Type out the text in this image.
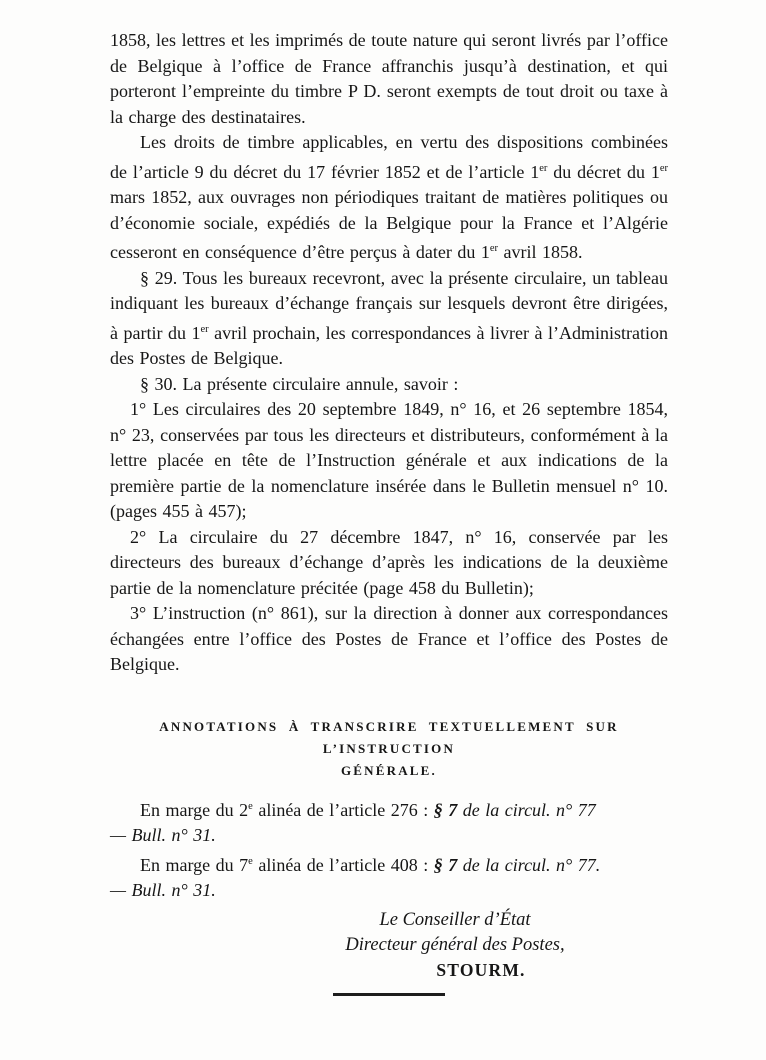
1858, les lettres et les imprimés de toute nature qui seront livrés par l’office de Belgique à l’office de France affranchis jusqu’à destination, et qui porteront l’empreinte du timbre P D. seront exempts de tout droit ou taxe à la charge des destinataires.

Les droits de timbre applicables, en vertu des dispositions combinées de l’article 9 du décret du 17 février 1852 et de l’article 1er du décret du 1er mars 1852, aux ouvrages non périodiques traitant de matières politiques ou d’économie sociale, expédiés de la Belgique pour la France et l’Algérie cesseront en conséquence d’être perçus à dater du 1er avril 1858.

§ 29. Tous les bureaux recevront, avec la présente circulaire, un tableau indiquant les bureaux d’échange français sur lesquels devront être dirigées, à partir du 1er avril prochain, les correspondances à livrer à l’Administration des Postes de Belgique.

§ 30. La présente circulaire annule, savoir :

1° Les circulaires des 20 septembre 1849, n° 16, et 26 septembre 1854, n° 23, conservées par tous les directeurs et distributeurs, conformément à la lettre placée en tête de l’Instruction générale et aux indications de la première partie de la nomenclature insérée dans le Bulletin mensuel n° 10. (pages 455 à 457);

2° La circulaire du 27 décembre 1847, n° 16, conservée par les directeurs des bureaux d’échange d’après les indications de la deuxième partie de la nomenclature précitée (page 458 du Bulletin);

3° L’instruction (n° 861), sur la direction à donner aux correspondances échangées entre l’office des Postes de France et l’office des Postes de Belgique.

ANNOTATIONS À TRANSCRIRE TEXTUELLEMENT SUR L’INSTRUCTION
GÉNÉRALE.

En marge du 2e alinéa de l’article 276 : § 7 de la circul. n° 77
— Bull. n° 31.

En marge du 7e alinéa de l’article 408 : § 7 de la circul. n° 77.
— Bull. n° 31.

Le Conseiller d’État
Directeur général des Postes,
STOURM.
